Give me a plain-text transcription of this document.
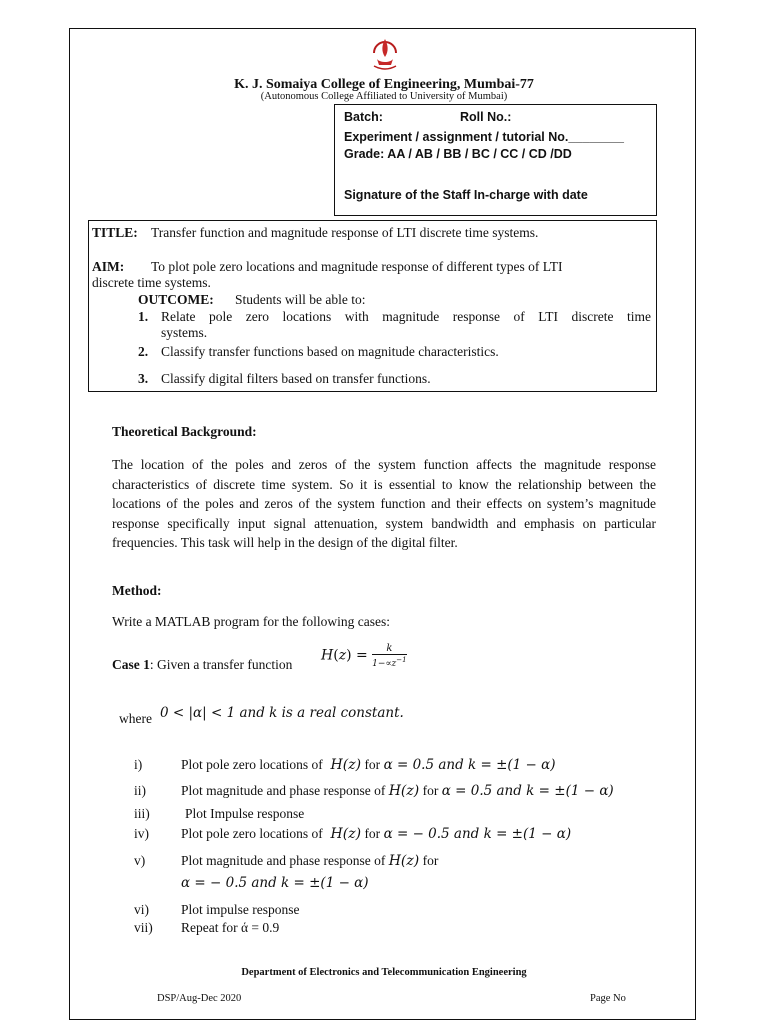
K. J. Somaiya College of Engineering, Mumbai-77
(Autonomous College Affiliated to University of Mumbai)
Batch:	Roll No.:
Experiment / assignment / tutorial No.________
Grade: AA / AB / BB / BC / CC / CD /DD
Signature of the Staff In-charge with date
TITLE: Transfer function and magnitude response of LTI discrete time systems.
AIM: To plot pole zero locations and magnitude response of different types of LTI
discrete time systems.
OUTCOME: Students will be able to:
1. Relate pole zero locations with magnitude response of LTI discrete time
systems.
2. Classify transfer functions based on magnitude characteristics.
3. Classify digital filters based on transfer functions.
Theoretical Background:
The location of the poles and zeros of the system function affects the magnitude response characteristics of discrete time system. So it is essential to know the relationship between the locations of the poles and zeros of the system function and their effects on system’s magnitude response specifically input signal attenuation, system bandwidth and emphasis on particular frequencies. This task will help in the design of the digital filter.
Method:
Write a MATLAB program for the following cases:
Case 1: Given a transfer function
$H(z) = \frac{k}{1-\propto z^{-1}}$
where 0 < |α| < 1 and k is a real constant.
i)	Plot pole zero locations of  H(z) for α = 0.5 and k = ±(1 − α)
ii)	Plot magnitude and phase response of H(z) for α = 0.5 and k = ±(1 − α)
iii)	Plot Impulse response
iv) Plot pole zero locations of  H(z) for α = − 0.5 and k = ±(1 − α)
v)	Plot magnitude and phase response of H(z) for
α = − 0.5 and k = ±(1 − α)
vi) Plot impulse response
vii) Repeat for ά = 0.9
Department of Electronics and Telecommunication Engineering
DSP/Aug-Dec 2020	Page No
